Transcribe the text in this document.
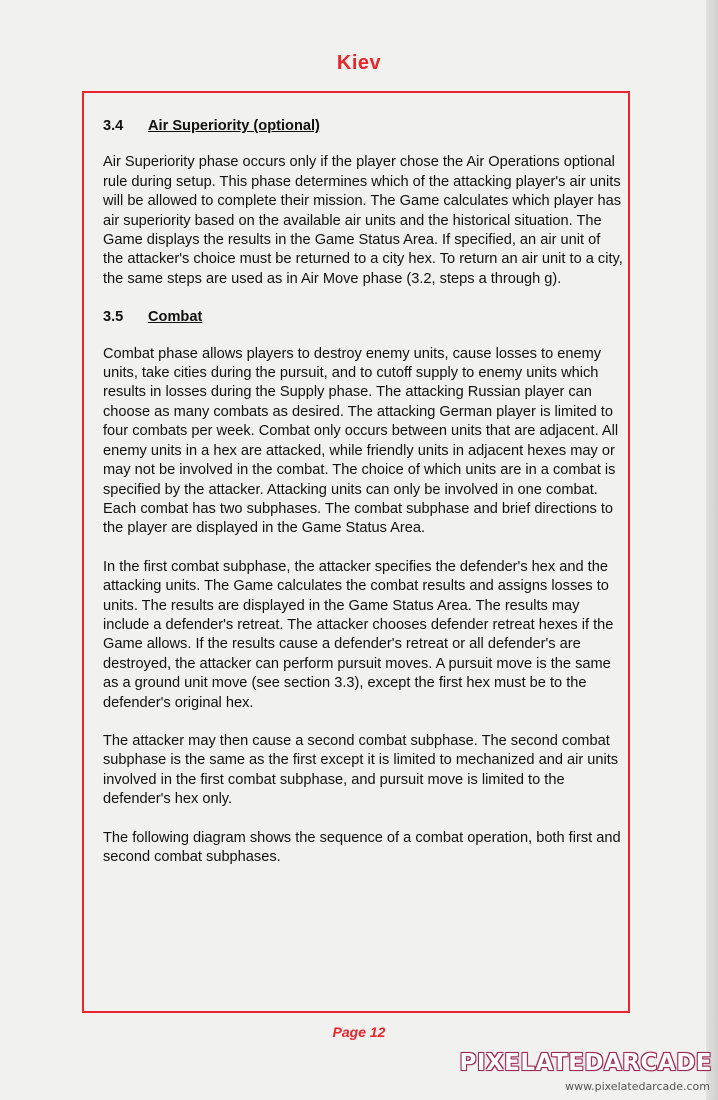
Kiev
3.4 Air Superiority (optional)

Air Superiority phase occurs only if the player chose the Air Operations optional rule during setup. This phase determines which of the attacking player's air units will be allowed to complete their mission. The Game calculates which player has air superiority based on the available air units and the historical situation. The Game displays the results in the Game Status Area. If specified, an air unit of the attacker's choice must be returned to a city hex. To return an air unit to a city, the same steps are used as in Air Move phase (3.2, steps a through g).

3.5 Combat

Combat phase allows players to destroy enemy units, cause losses to enemy units, take cities during the pursuit, and to cutoff supply to enemy units which results in losses during the Supply phase. The attacking Russian player can choose as many combats as desired. The attacking German player is limited to four combats per week. Combat only occurs between units that are adjacent. All enemy units in a hex are attacked, while friendly units in adjacent hexes may or may not be involved in the combat. The choice of which units are in a combat is specified by the attacker. Attacking units can only be involved in one combat. Each combat has two subphases. The combat subphase and brief directions to the player are displayed in the Game Status Area.

In the first combat subphase, the attacker specifies the defender's hex and the attacking units. The Game calculates the combat results and assigns losses to units. The results are displayed in the Game Status Area. The results may include a defender's retreat. The attacker chooses defender retreat hexes if the Game allows. If the results cause a defender's retreat or all defender's are destroyed, the attacker can perform pursuit moves. A pursuit move is the same as a ground unit move (see section 3.3), except the first hex must be to the defender's original hex.

The attacker may then cause a second combat subphase. The second combat subphase is the same as the first except it is limited to mechanized and air units involved in the first combat subphase, and pursuit move is limited to the defender's hex only.

The following diagram shows the sequence of a combat operation, both first and second combat subphases.

Page 12
PIXELATEDARCADE
www.pixelatedarcade.com
